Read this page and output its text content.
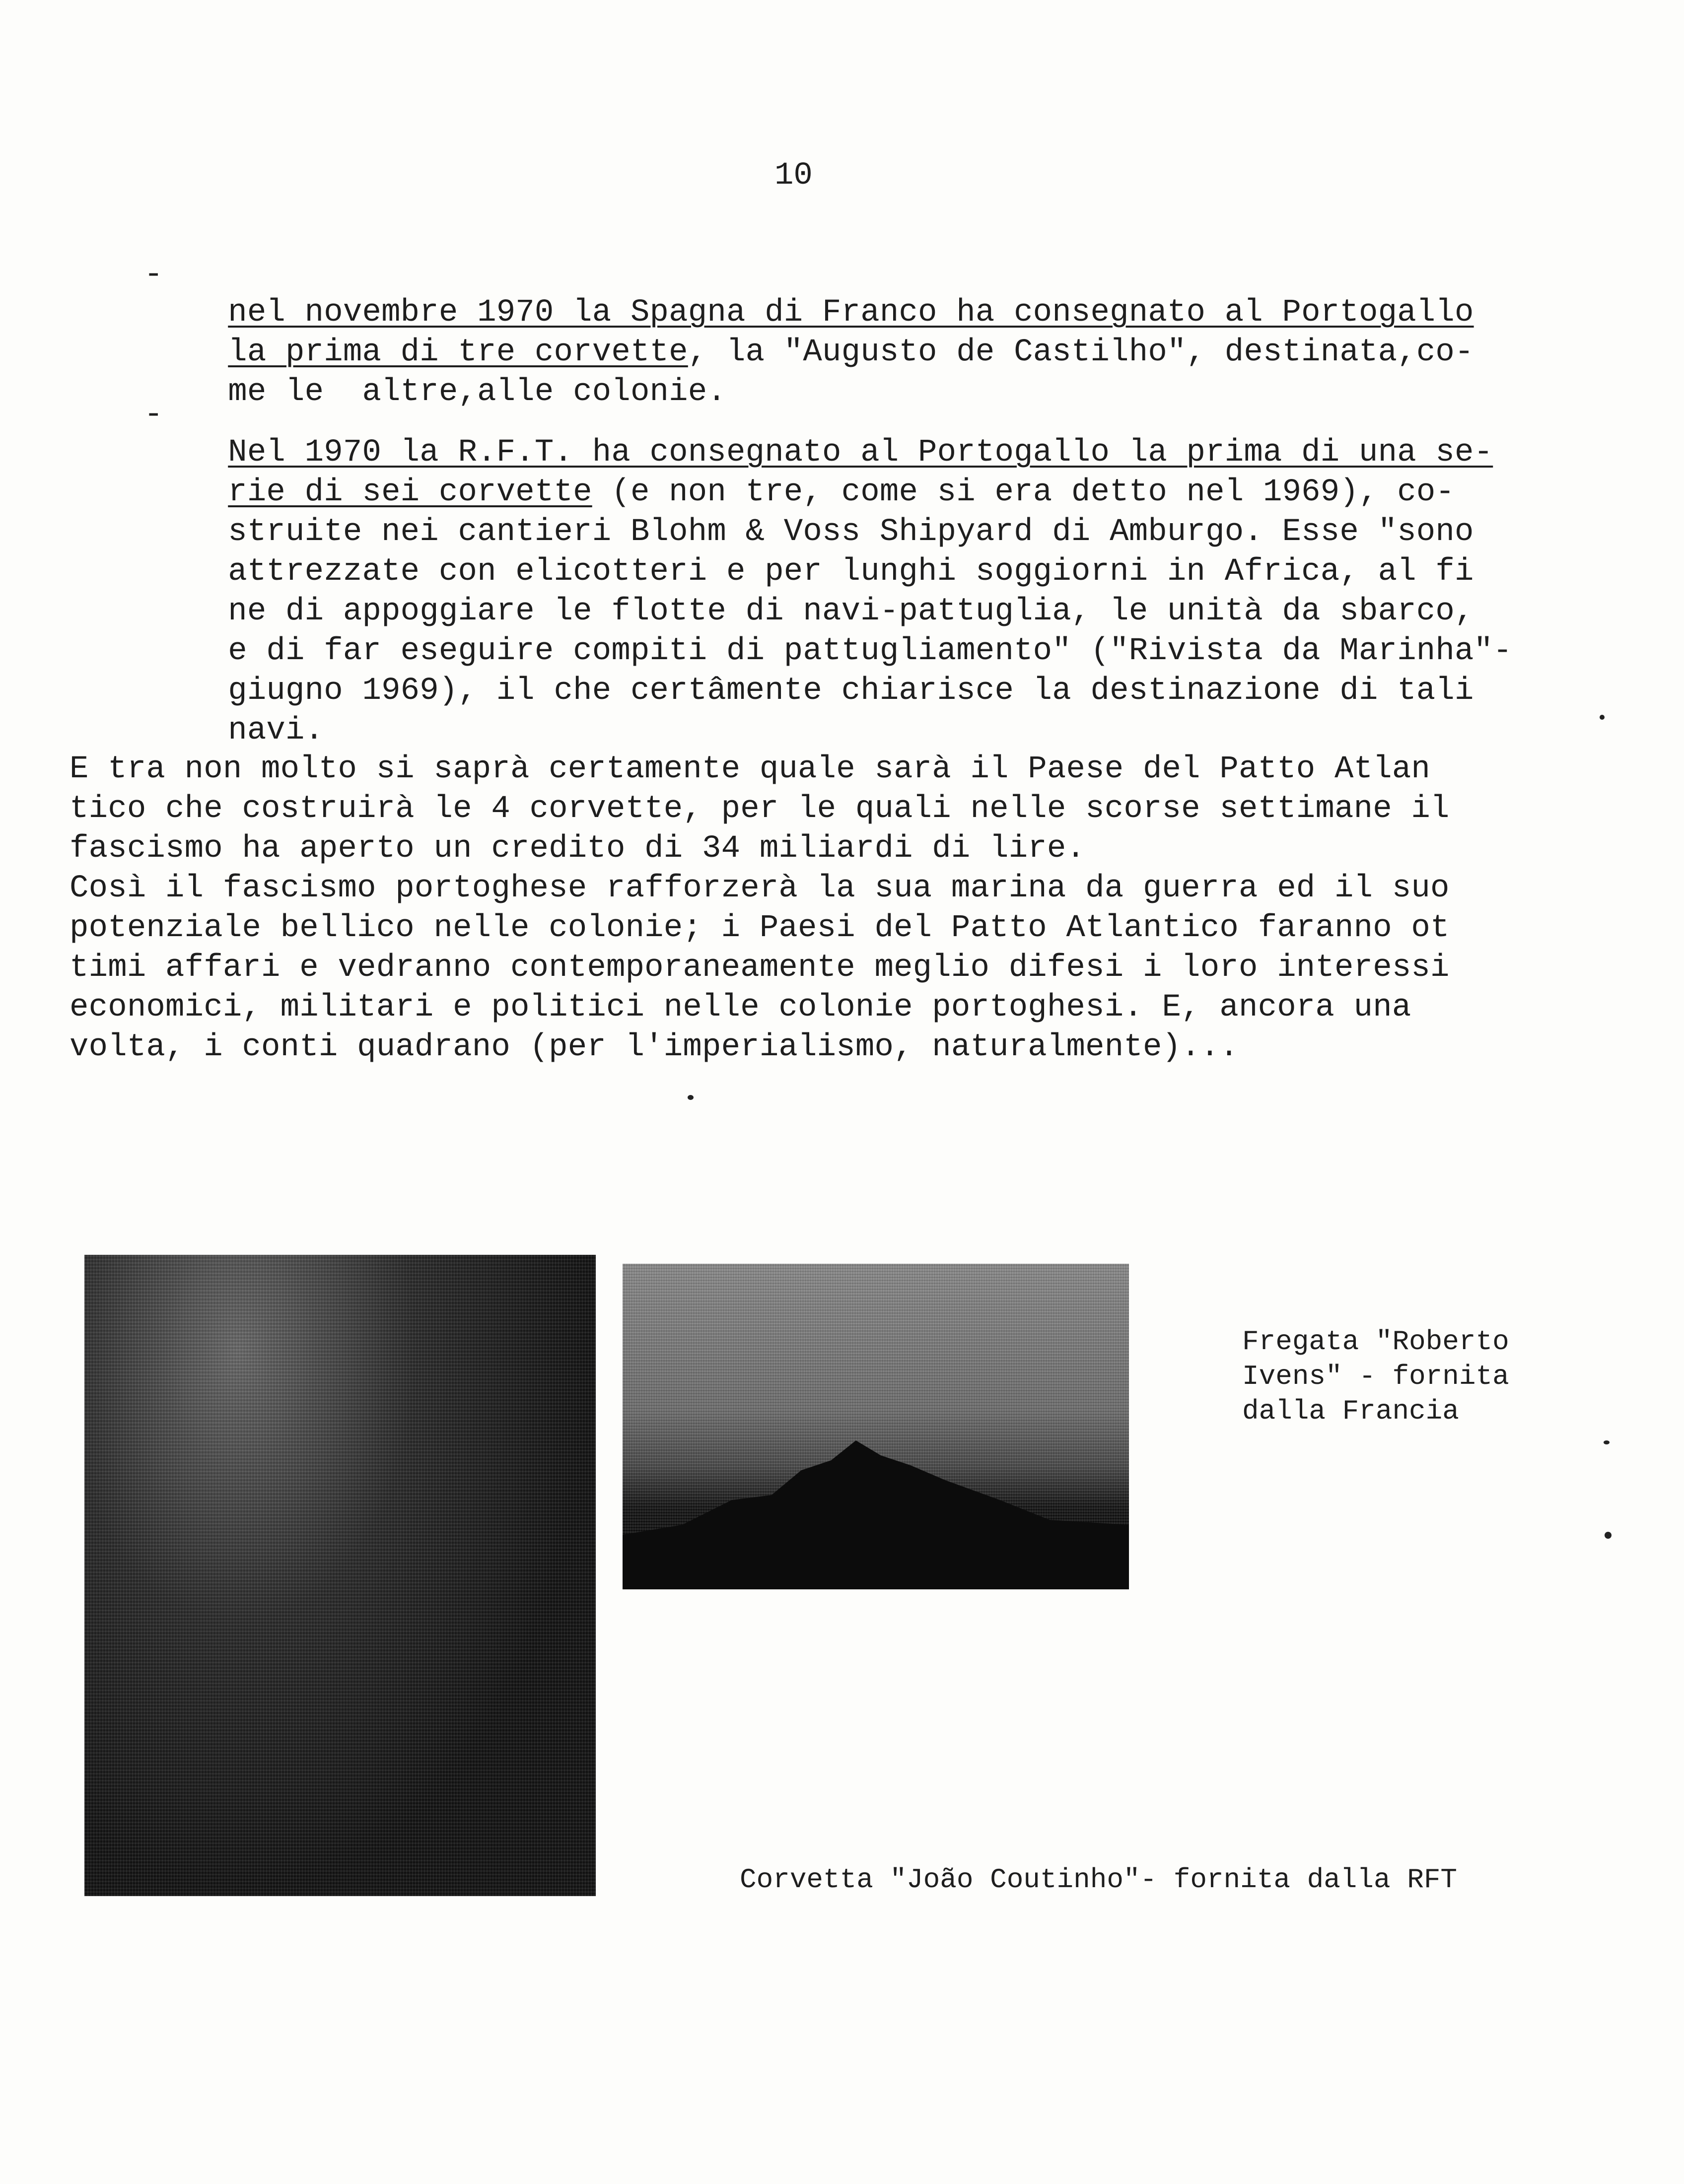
10
-

nel novembre 1970 la Spagna di Franco ha consegnato al Portogallo

la prima di tre corvette, la "Augusto de Castilho", destinata,co-

me le  altre,alle colonie.

-

Nel 1970 la R.F.T. ha consegnato al Portogallo la prima di una se-

rie di sei corvette (e non tre, come si era detto nel 1969), co-

struite nei cantieri Blohm & Voss Shipyard di Amburgo. Esse "sono

attrezzate con elicotteri e per lunghi soggiorni in Africa, al fi

ne di appoggiare le flotte di navi-pattuglia, le unità da sbarco,

e di far eseguire compiti di pattugliamento" ("Rivista da Marinha"-

giugno 1969), il che certâmente chiarisce la destinazione di tali

navi.

E tra non molto si saprà certamente quale sarà il Paese del Patto Atlan
tico che costruirà le 4 corvette, per le quali nelle scorse settimane il
fascismo ha aperto un credito di 34 miliardi di lire.
Così il fascismo portoghese rafforzerà la sua marina da guerra ed il suo
potenziale bellico nelle colonie; i Paesi del Patto Atlantico faranno ot
timi affari e vedranno contemporaneamente meglio difesi i loro interessi
economici, militari e politici nelle colonie portoghesi. E, ancora una
volta, i conti quadrano (per l'imperialismo, naturalmente)...
Fregata "Roberto
Ivens" - fornita
dalla Francia
Corvetta "João Coutinho"- fornita dalla RFT
